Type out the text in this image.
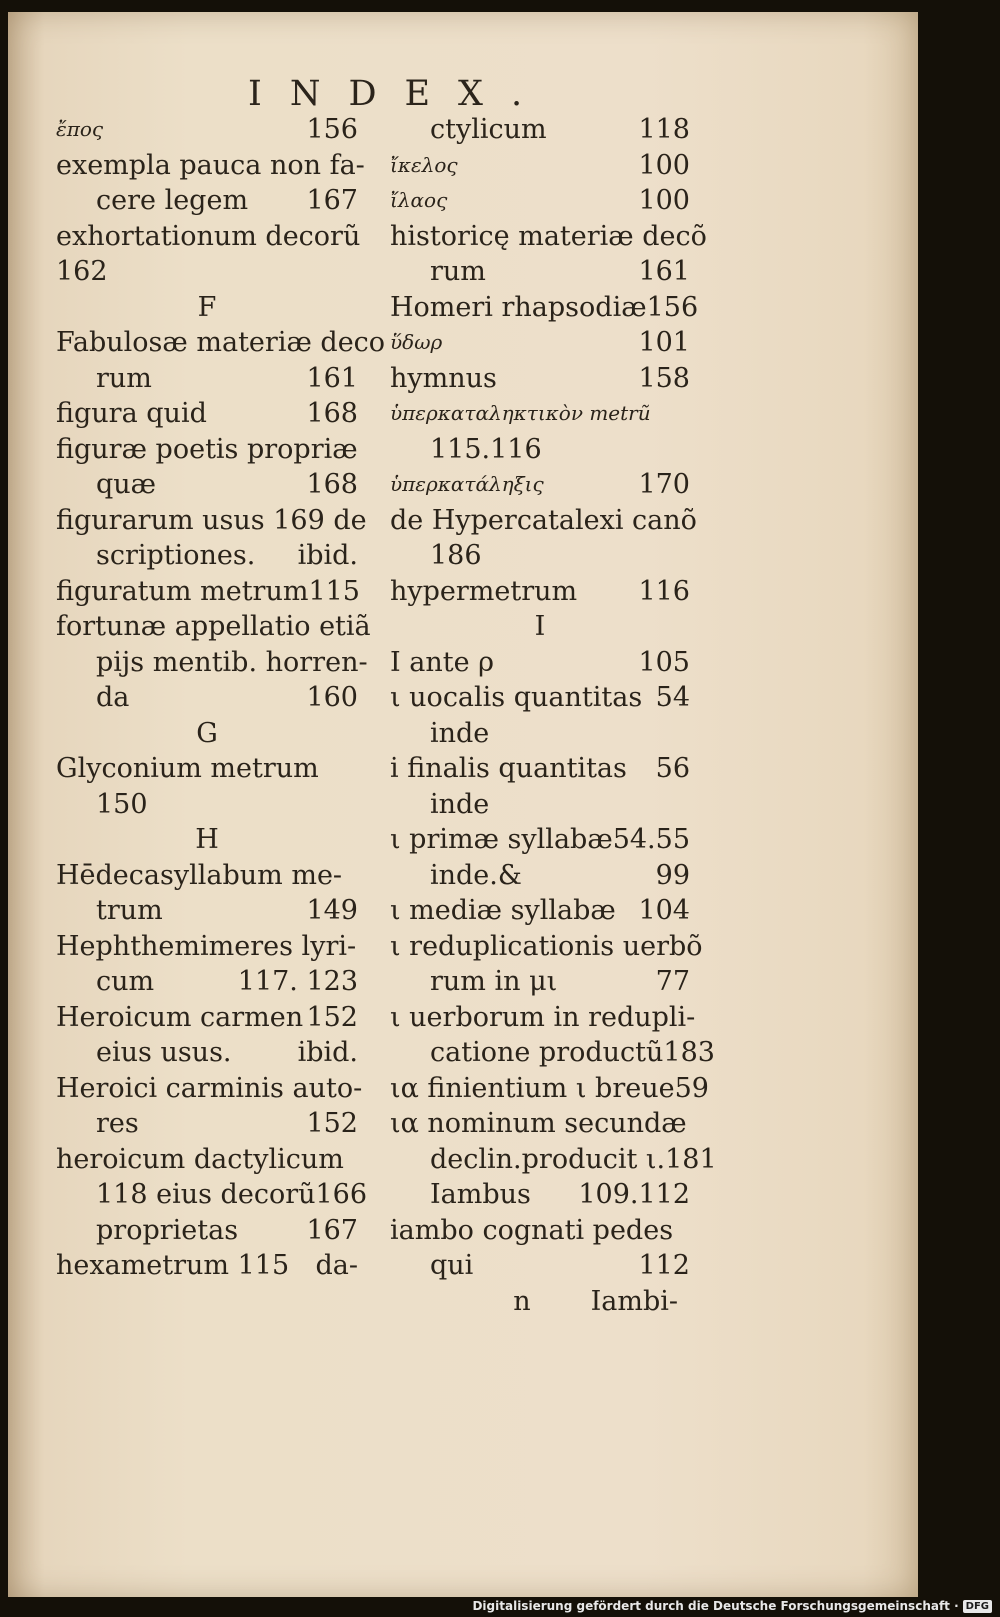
INDEX.
ἔπος	156
exempla pauca non fa-
cere legem 167
exhortationum decorũ
162
F
Fabulosæ materiæ deco
rum	161
figura quid	168
figuræ poetis propriæ
quæ	168
figurarum usus 169 de
scriptiones. ibid.
figuratum metrum 115
fortunæ appellatio etiã
pijs mentib. horren-
da	160
G
Glyconium metrum
150
H
Hēdecasyllabum me-
trum	149
Hephthemimeres lyri-
cum	117. 123
Heroicum carmen 152
eius usus. ibid.
Heroici carminis auto-
res	152
heroicum dactylicum
118 eius decorũ 166
proprietas	167
hexametrum 115 da-
ctylicum	118
ἴκελος	100
ἴλαος	100
historicę materiæ decõ
rum	161
Homeri rhapsodiæ 156
ὕδωρ	101
hymnus	158
ὑπερκαταληκτικὸν metrũ
115.116
ὑπερκατάληξις	170
de Hypercatalexi canõ
186
hypermetrum 116
I
I ante ρ	105
ι uocalis quantitas 54
inde
i finalis quantitas 56
inde
ι primæ syllabæ 54.55
inde.&	99
ι mediæ syllabæ 104
ι reduplicationis uerbõ
rum in μι	77
ι uerborum in redupli-
catione productũ 183
ια finientium ι breue 59
ια nominum secundæ
declin.producit ι. 181
Iambus 109.112
iambo cognati pedes
qui	112
n Iambi-
Digitalisierung gefördert durch die Deutsche Forschungsgemeinschaft · DFG
